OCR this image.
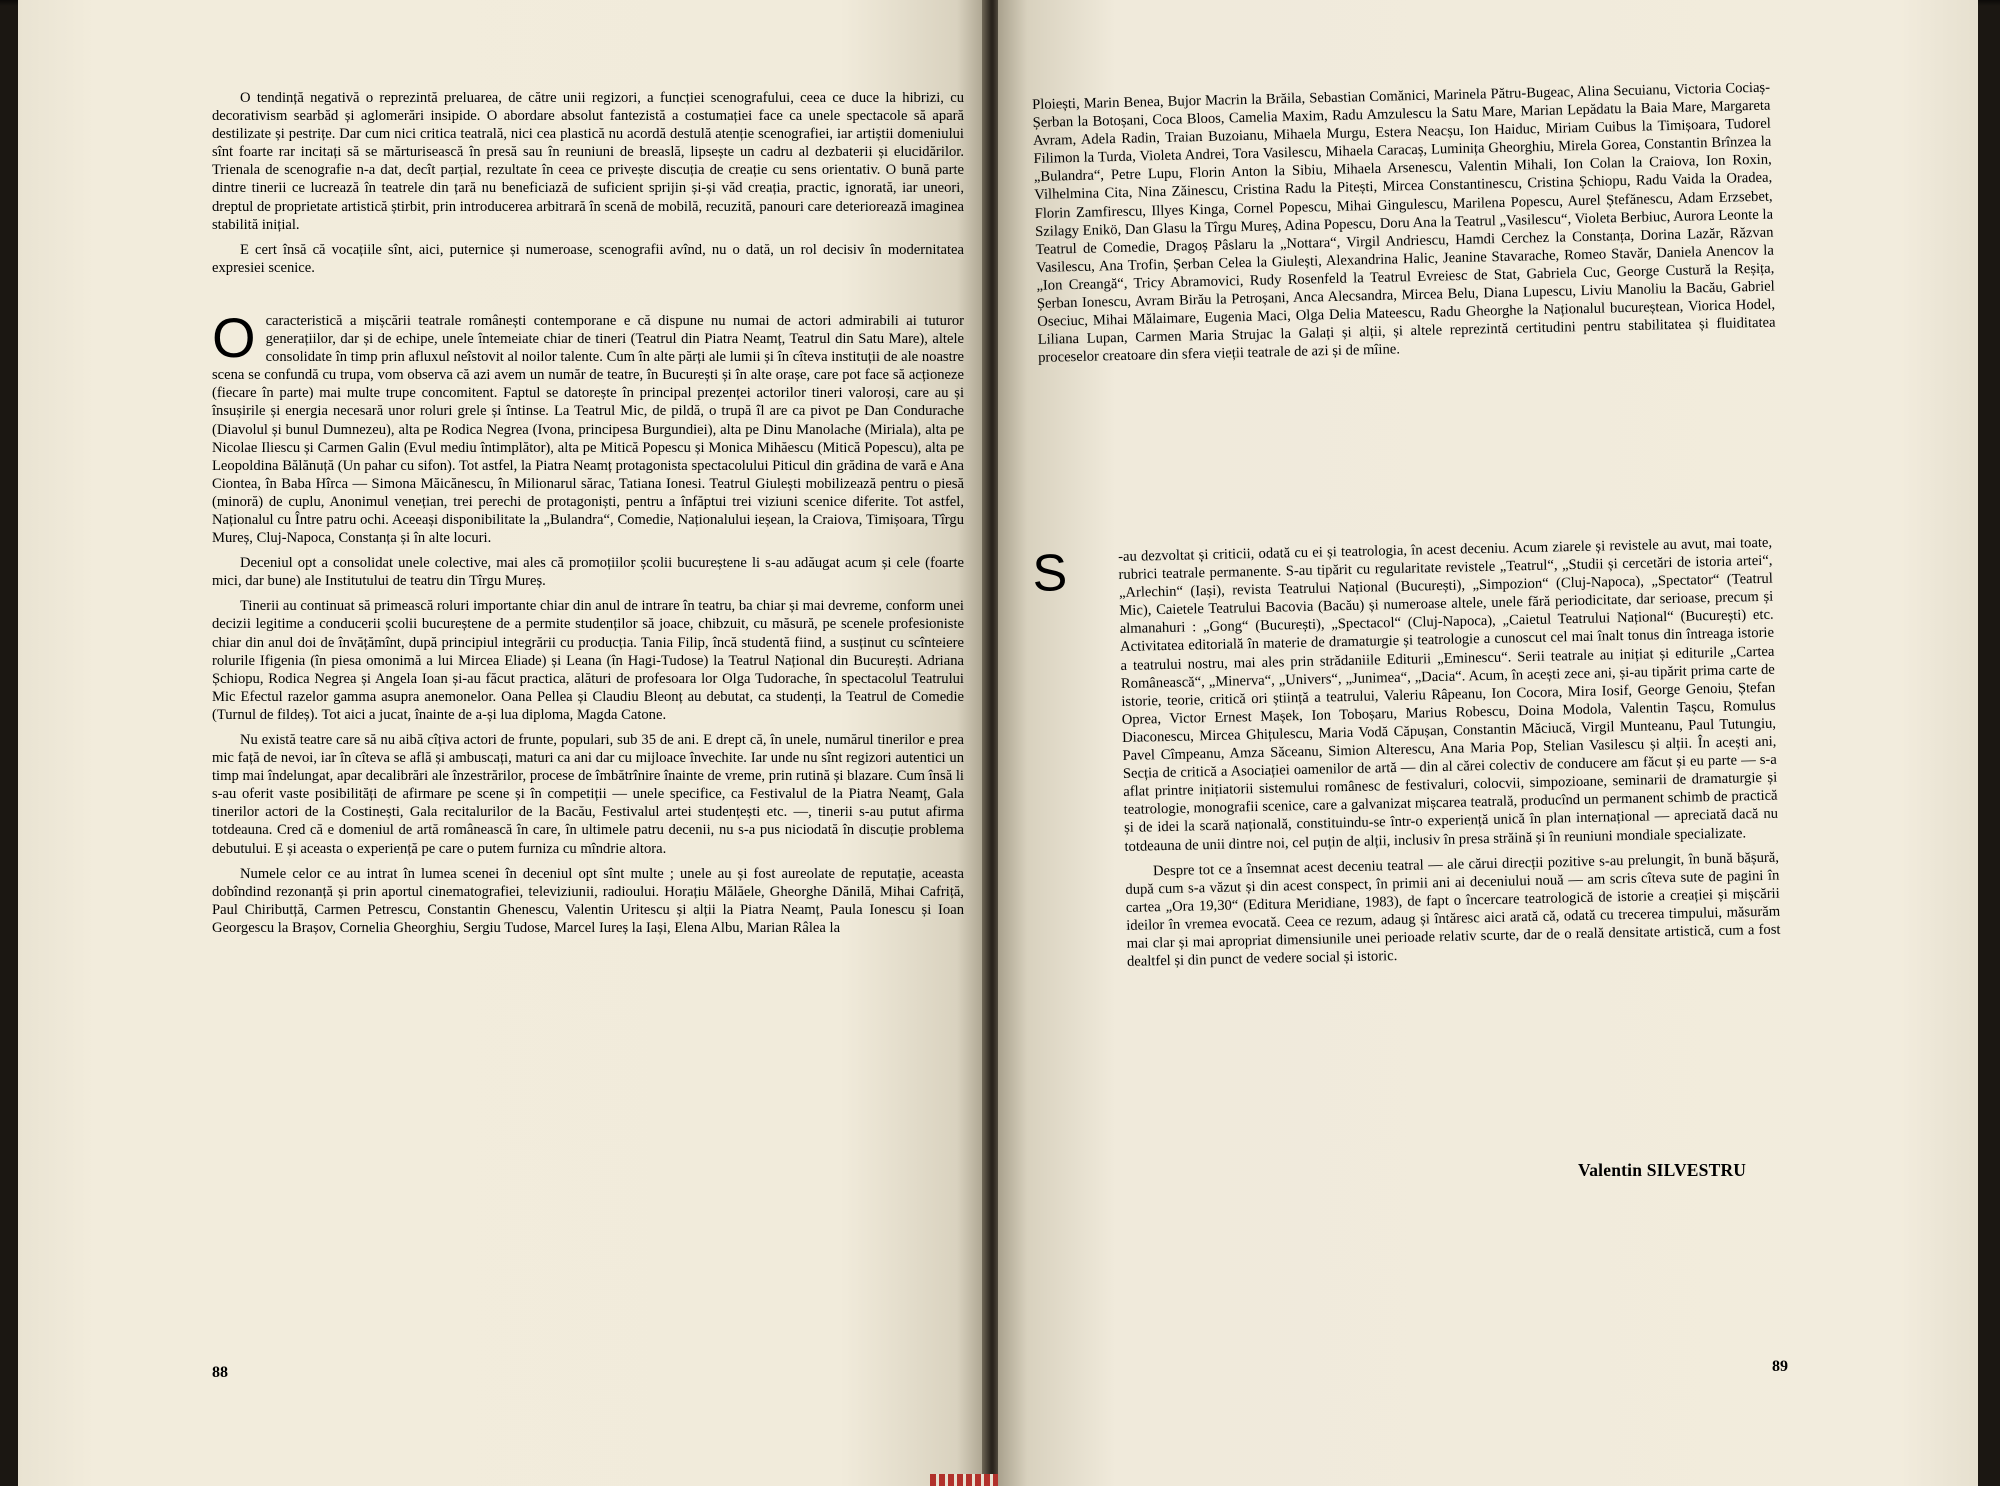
O tendință negativă o reprezintă preluarea, de către unii regizori, a funcției scenografului, ceea ce duce la hibrizi, cu decorativism searbăd și aglomerări insipide. O abordare absolut fantezistă a costumației face ca unele spectacole să apară destilizate și pestrițe. Dar cum nici critica teatrală, nici cea plastică nu acordă destulă atenție scenografiei, iar artiștii domeniului sînt foarte rar incitați să se mărturisească în presă sau în reuniuni de breaslă, lipsește un cadru al dezbaterii și elucidărilor. Trienala de scenografie n-a dat, decît parțial, rezultate în ceea ce privește discuția de creație cu sens orientativ. O bună parte dintre tinerii ce lucrează în teatrele din țară nu beneficiază de suficient sprijin și-și văd creația, practic, ignorată, iar uneori, dreptul de proprietate artistică știrbit, prin introducerea arbitrară în scenă de mobilă, recuzită, panouri care deteriorează imaginea stabilită inițial.

E cert însă că vocațiile sînt, aici, puternice și numeroase, scenografii avînd, nu o dată, un rol decisiv în modernitatea expresiei scenice.

Ocaracteristică a mișcării teatrale românești contemporane e că dispune nu numai de actori admirabili ai tuturor generațiilor, dar și de echipe, unele întemeiate chiar de tineri (Teatrul din Piatra Neamț, Teatrul din Satu Mare), altele consolidate în timp prin afluxul neîstovit al noilor talente. Cum în alte părți ale lumii și în cîteva instituții de ale noastre scena se confundă cu trupa, vom observa că azi avem un număr de teatre, în București și în alte orașe, care pot face să acționeze (fiecare în parte) mai multe trupe concomitent. Faptul se datorește în principal prezenței actorilor tineri valoroși, care au și însușirile și energia necesară unor roluri grele și întinse. La Teatrul Mic, de pildă, o trupă îl are ca pivot pe Dan Condurache (Diavolul și bunul Dumnezeu), alta pe Rodica Negrea (Ivona, principesa Burgundiei), alta pe Dinu Manolache (Miriala), alta pe Nicolae Iliescu și Carmen Galin (Evul mediu întimplător), alta pe Mitică Popescu și Monica Mihăescu (Mitică Popescu), alta pe Leopoldina Bălănuță (Un pahar cu sifon). Tot astfel, la Piatra Neamț protagonista spectacolului Piticul din grădina de vară e Ana Ciontea, în Baba Hîrca — Simona Măicănescu, în Milionarul sărac, Tatiana Ionesi. Teatrul Giulești mobilizează pentru o piesă (minoră) de cuplu, Anonimul venețian, trei perechi de protagoniști, pentru a înfăptui trei viziuni scenice diferite. Tot astfel, Naționalul cu Între patru ochi. Aceeași disponibilitate la „Bulandra“, Comedie, Naționalului ieșean, la Craiova, Timișoara, Tîrgu Mureș, Cluj-Napoca, Constanța și în alte locuri.

Deceniul opt a consolidat unele colective, mai ales că promoțiilor școlii bucureștene li s-au adăugat acum și cele (foarte mici, dar bune) ale Institutului de teatru din Tîrgu Mureș.

Tinerii au continuat să primească roluri importante chiar din anul de intrare în teatru, ba chiar și mai devreme, conform unei decizii legitime a conducerii școlii bucureștene de a permite studenților să joace, chibzuit, cu măsură, pe scenele profesioniste chiar din anul doi de învățămînt, după principiul integrării cu producția. Tania Filip, încă studentă fiind, a susținut cu scînteiere rolurile Ifigenia (în piesa omonimă a lui Mircea Eliade) și Leana (în Hagi-Tudose) la Teatrul Național din București. Adriana Șchiopu, Rodica Negrea și Angela Ioan și-au făcut practica, alături de profesoara lor Olga Tudorache, în spectacolul Teatrului Mic Efectul razelor gamma asupra anemonelor. Oana Pellea și Claudiu Bleonț au debutat, ca studenți, la Teatrul de Comedie (Turnul de fildeș). Tot aici a jucat, înainte de a-și lua diploma, Magda Catone.

Nu există teatre care să nu aibă cîțiva actori de frunte, populari, sub 35 de ani. E drept că, în unele, numărul tinerilor e prea mic față de nevoi, iar în cîteva se află și ambuscați, maturi ca ani dar cu mijloace învechite. Iar unde nu sînt regizori autentici un timp mai îndelungat, apar decalibrări ale înzestrărilor, procese de îmbătrînire înainte de vreme, prin rutină și blazare. Cum însă li s-au oferit vaste posibilități de afirmare pe scene și în competiții — unele specifice, ca Festivalul de la Piatra Neamț, Gala tinerilor actori de la Costinești, Gala recitalurilor de la Bacău, Festivalul artei studențești etc. —, tinerii s-au putut afirma totdeauna. Cred că e domeniul de artă românească în care, în ultimele patru decenii, nu s-a pus niciodată în discuție problema debutului. E și aceasta o experiență pe care o putem furniza cu mîndrie altora.

Numele celor ce au intrat în lumea scenei în deceniul opt sînt multe ; unele au și fost aureolate de reputație, aceasta dobîndind rezonanță și prin aportul cinematografiei, televiziunii, radioului. Horațiu Mălăele, Gheorghe Dănilă, Mihai Cafriță, Paul Chiributță, Carmen Petrescu, Constantin Ghenescu, Valentin Uritescu și alții la Piatra Neamț, Paula Ionescu și Ioan Georgescu la Brașov, Cornelia Gheorghiu, Sergiu Tudose, Marcel Iureș la Iași, Elena Albu, Marian Râlea la

88

Ploiești, Marin Benea, Bujor Macrin la Brăila, Sebastian Comănici, Marinela Pătru-Bugeac, Alina Secuianu, Victoria Cociaș-Șerban la Botoșani, Coca Bloos, Camelia Maxim, Radu Amzulescu la Satu Mare, Marian Lepădatu la Baia Mare, Margareta Avram, Adela Radin, Traian Buzoianu, Mihaela Murgu, Estera Neacșu, Ion Haiduc, Miriam Cuibus la Timișoara, Tudorel Filimon la Turda, Violeta Andrei, Tora Vasilescu, Mihaela Caracaș, Luminița Gheorghiu, Mirela Gorea, Constantin Brînzea la „Bulandra“, Petre Lupu, Florin Anton la Sibiu, Mihaela Arsenescu, Valentin Mihali, Ion Colan la Craiova, Ion Roxin, Vilhelmina Cita, Nina Zăinescu, Cristina Radu la Pitești, Mircea Constantinescu, Cristina Șchiopu, Radu Vaida la Oradea, Florin Zamfirescu, Illyes Kinga, Cornel Popescu, Mihai Gingulescu, Marilena Popescu, Aurel Ștefănescu, Adam Erzsebet, Szilagy Enikö, Dan Glasu la Tîrgu Mureș, Adina Popescu, Doru Ana la Teatrul „Vasilescu“, Violeta Berbiuc, Aurora Leonte la Teatrul de Comedie, Dragoș Pâslaru la „Nottara“, Virgil Andriescu, Hamdi Cerchez la Constanța, Dorina Lazăr, Răzvan Vasilescu, Ana Trofin, Șerban Celea la Giulești, Alexandrina Halic, Jeanine Stavarache, Romeo Stavăr, Daniela Anencov la „Ion Creangă“, Tricy Abramovici, Rudy Rosenfeld la Teatrul Evreiesc de Stat, Gabriela Cuc, George Custură la Reșița, Șerban Ionescu, Avram Birău la Petroșani, Anca Alecsandra, Mircea Belu, Diana Lupescu, Liviu Manoliu la Bacău, Gabriel Oseciuc, Mihai Mălaimare, Eugenia Maci, Olga Delia Mateescu, Radu Gheorghe la Naționalul bucureștean, Viorica Hodel, Liliana Lupan, Carmen Maria Strujac la Galați și alții, și altele reprezintă certitudini pentru stabilitatea și fluiditatea proceselor creatoare din sfera vieții teatrale de azi și de mîine.

S	-au dezvoltat și criticii, odată cu ei și teatrologia, în acest deceniu. Acum ziarele și revistele au avut, mai toate, rubrici teatrale permanente. S-au tipărit cu regularitate revistele „Teatrul“, „Studii și cercetări de istoria artei“, „Arlechin“ (Iași), revista Teatrului Național (București), „Simpozion“ (Cluj-Napoca), „Spectator“ (Teatrul Mic), Caietele Teatrului Bacovia (Bacău) și numeroase altele, unele fără periodicitate, dar serioase, precum și almanahuri : „Gong“ (București), „Spectacol“ (Cluj-Napoca), „Caietul Teatrului Național“ (București) etc. Activitatea editorială în materie de dramaturgie și teatrologie a cunoscut cel mai înalt tonus din întreaga istorie a teatrului nostru, mai ales prin strădaniile Editurii „Eminescu“. Serii teatrale au inițiat și editurile „Cartea Românească“, „Minerva“, „Univers“, „Junimea“, „Dacia“. Acum, în acești zece ani, și-au tipărit prima carte de istorie, teorie, critică ori știință a teatrului, Valeriu Râpeanu, Ion Cocora, Mira Iosif, George Genoiu, Ștefan Oprea, Victor Ernest Mașek, Ion Toboșaru, Marius Robescu, Doina Modola, Valentin Tașcu, Romulus Diaconescu, Mircea Ghițulescu, Maria Vodă Căpușan, Constantin Măciucă, Virgil Munteanu, Paul Tutungiu, Pavel Cîmpeanu, Amza Săceanu, Simion Alterescu, Ana Maria Pop, Stelian Vasilescu și alții. În acești ani, Secția de critică a Asociației oamenilor de artă — din al cărei colectiv de conducere am făcut și eu parte — s-a aflat printre inițiatorii sistemului românesc de festivaluri, colocvii, simpozioane, seminarii de dramaturgie și teatrologie, monografii scenice, care a galvanizat mișcarea teatrală, producînd un permanent schimb de practică și de idei la scară națională, constituindu-se într-o experiență unică în plan internațional — apreciată dacă nu totdeauna de unii dintre noi, cel puțin de alții, inclusiv în presa străină și în reuniuni mondiale specializate.

Despre tot ce a însemnat acest deceniu teatral — ale cărui direcții pozitive s-au prelungit, în bună bășură, după cum s-a văzut și din acest conspect, în primii ani ai deceniului nouă — am scris cîteva sute de pagini în cartea „Ora 19,30“ (Editura Meridiane, 1983), de fapt o încercare teatrologică de istorie a creației și mișcării ideilor în vremea evocată. Ceea ce rezum, adaug și întăresc aici arată că, odată cu trecerea timpului, măsurăm mai clar și mai apropriat dimensiunile unei perioade relativ scurte, dar de o reală densitate artistică, cum a fost dealtfel și din punct de vedere social și istoric.

Valentin SILVESTRU
89
